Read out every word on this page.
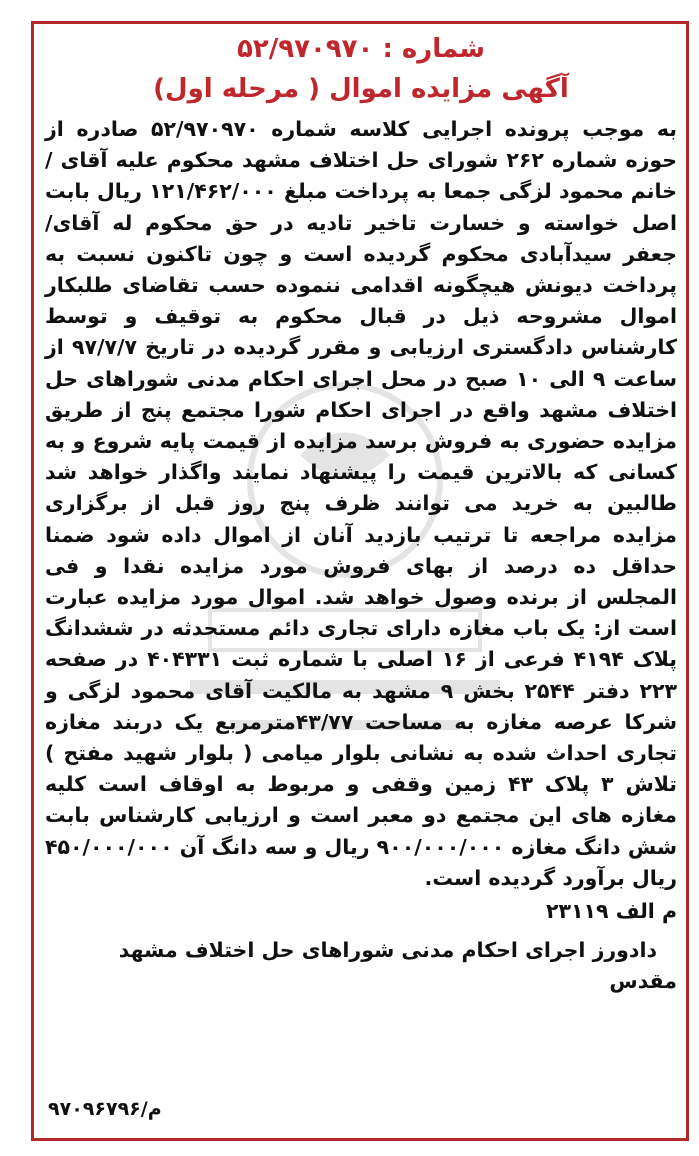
شماره : ۵۲/۹۷۰۹۷۰
آگهی مزایده اموال ( مرحله اول)

به موجب پرونده اجرایی کلاسه شماره ۵۲/۹۷۰۹۷۰ صادره از حوزه شماره ۲۶۲ شورای حل اختلاف مشهد محکوم علیه آقای /خانم محمود لزگی جمعا به پرداخت مبلغ ۱۲۱/۴۶۲/۰۰۰ ریال بابت اصل خواسته و خسارت تاخیر تادیه در حق محکوم له آقای/ جعفر سیدآبادی محکوم گردیده است و چون تاکنون نسبت به پرداخت دیونش هیچگونه اقدامی ننموده حسب تقاضای طلبکار اموال مشروحه ذیل در قبال محکوم به توقیف و توسط کارشناس دادگستری ارزیابی و مقرر گردیده در تاریخ ۹۷/۷/۷ از ساعت ۹ الی ۱۰ صبح در محل اجرای احکام مدنی شوراهای حل اختلاف مشهد واقع در اجرای احکام شورا مجتمع پنج از طریق مزایده حضوری به فروش برسد مزایده از قیمت پایه شروع و به کسانی که بالاترین قیمت را پیشنهاد نمایند واگذار خواهد شد طالبین به خرید می توانند ظرف پنج روز قبل از برگزاری مزایده مراجعه تا ترتیب بازدید آنان از اموال داده شود ضمنا حداقل ده درصد از بهای فروش مورد مزایده نقدا و فی المجلس از برنده وصول خواهد شد. اموال مورد مزایده عبارت است از: یک باب مغازه دارای تجاری دائم مستحدثه در ششدانگ پلاک ۴۱۹۴ فرعی از ۱۶ اصلی با شماره ثبت ۴۰۴۳۳۱ در صفحه ۲۲۳ دفتر ۲۵۴۴ بخش ۹ مشهد به مالکیت آقای محمود لزگی و شرکا عرصه مغازه به مساحت ۴۳/۷۷مترمربع یک دربند مغازه تجاری احداث شده به نشانی بلوار میامی ( بلوار شهید مفتح ) تلاش ۳ پلاک ۴۳ زمین وقفی و مربوط به اوقاف است کلیه مغازه های این مجتمع دو معبر است و ارزیابی کارشناس بابت شش دانگ مغازه ۹۰۰/۰۰۰/۰۰۰ ریال و سه دانگ آن ۴۵۰/۰۰۰/۰۰۰ ریال برآورد گردیده است.

م الف ۲۳۱۱۹

دادورز اجرای احکام مدنی شوراهای حل اختلاف مشهد

مقدس

م/۹۷۰۹۶۷۹۶
